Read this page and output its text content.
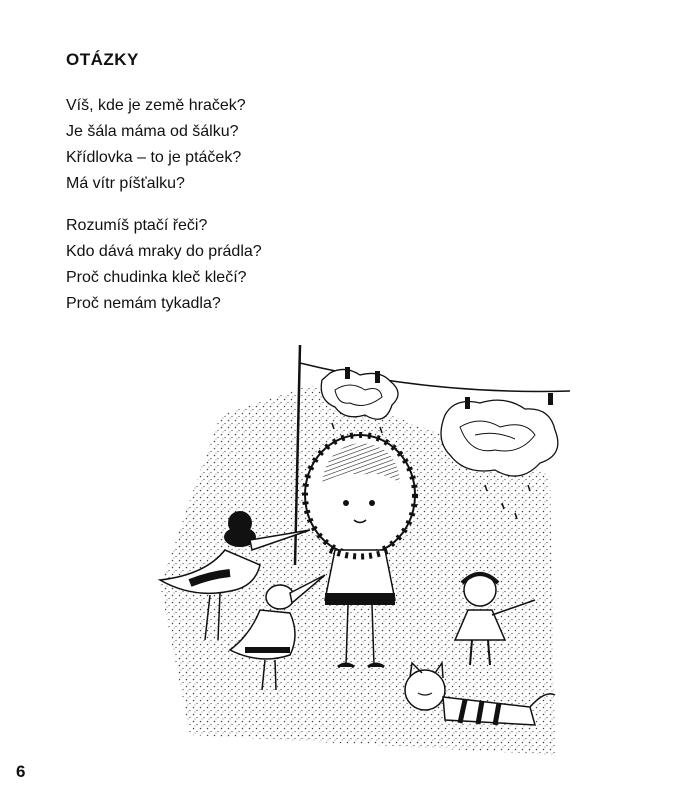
OTÁZKY
Víš, kde je země hraček?
Je šála máma od šálku?
Křídlovka – to je ptáček?
Má vítr píšťalku?
Rozumíš ptačí řeči?
Kdo dává mraky do prádla?
Proč chudinka kleč klečí?
Proč nemám tykadla?
6
